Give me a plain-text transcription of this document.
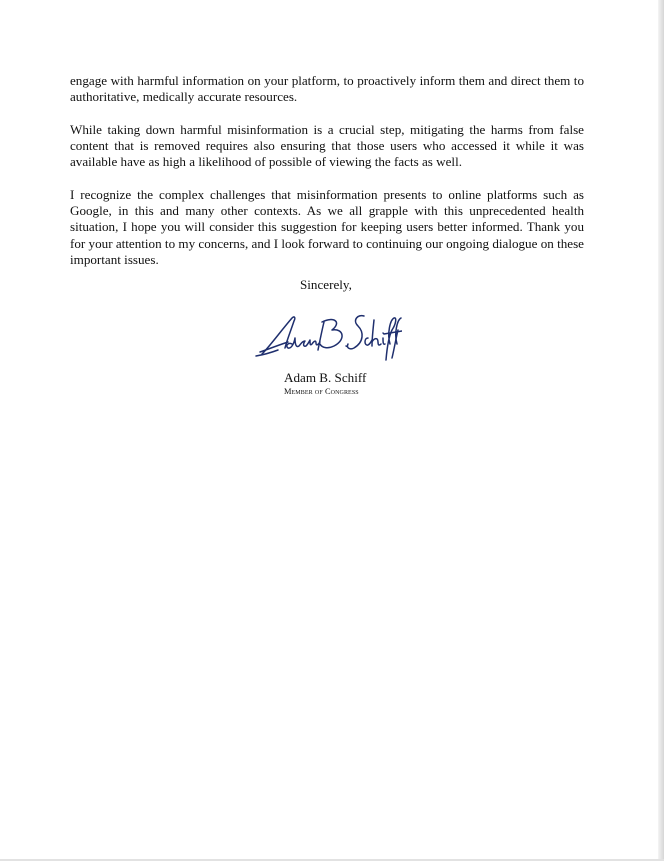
engage with harmful information on your platform, to proactively inform them and direct them to authoritative, medically accurate resources.

While taking down harmful misinformation is a crucial step, mitigating the harms from false content that is removed requires also ensuring that those users who accessed it while it was available have as high a likelihood of possible of viewing the facts as well.

I recognize the complex challenges that misinformation presents to online platforms such as Google, in this and many other contexts. As we all grapple with this unprecedented health situation, I hope you will consider this suggestion for keeping users better informed. Thank you for your attention to my concerns, and I look forward to continuing our ongoing dialogue on these important issues.

Sincerely,
Adam B. Schiff
Member of Congress
